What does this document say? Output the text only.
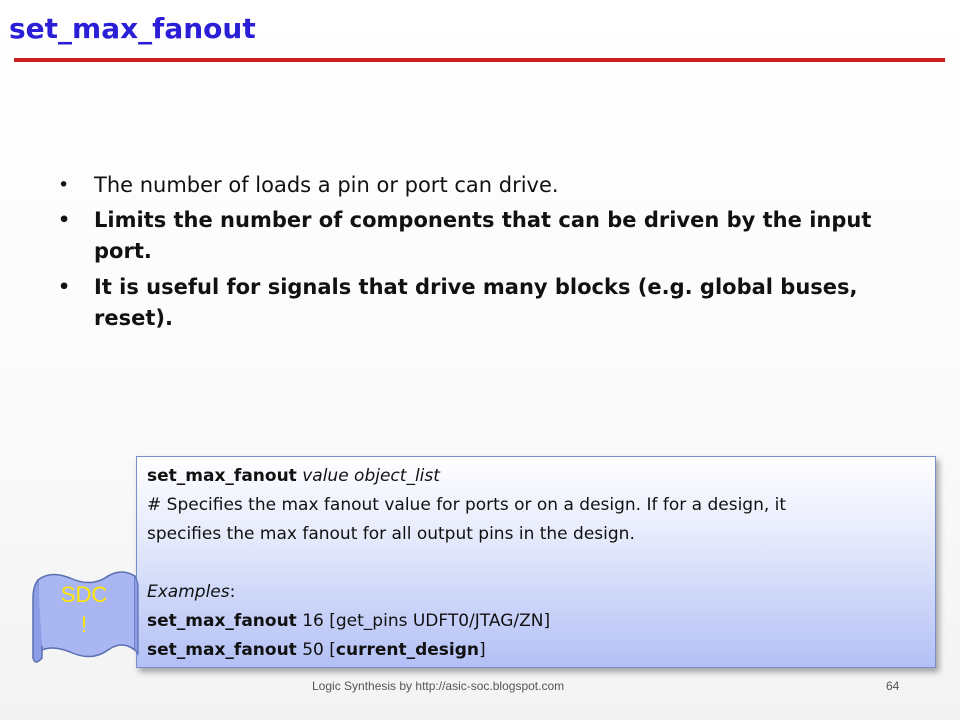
set_max_fanout
• The number of loads a pin or port can drive.
• Limits the number of components that can be driven by the input port.
• It is useful for signals that drive many blocks (e.g. global buses, reset).
set_max_fanout value object_list
# Specifies the max fanout value for ports or on a design. If for a design, it
specifies the max fanout for all output pins in the design.

Examples:
set_max_fanout 16 [get_pins UDFT0/JTAG/ZN]
set_max_fanout 50 [current_design]
SDC
!
Logic Synthesis by http://asic-soc.blogspot.com	64
